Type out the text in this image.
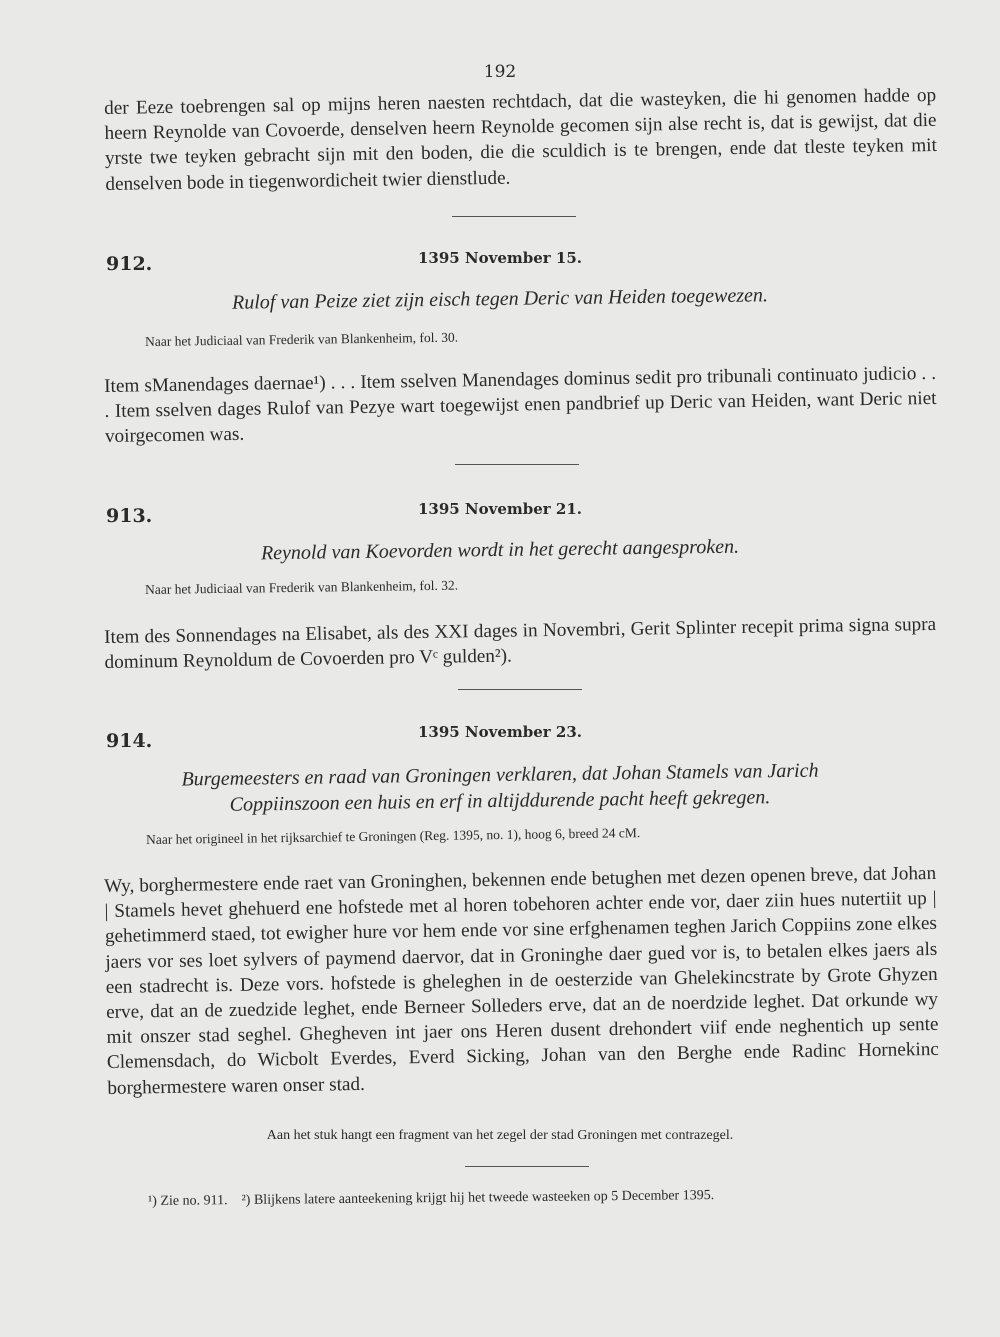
192
der Eeze toebrengen sal op mijns heren naesten rechtdach, dat die wasteyken, die hi genomen hadde op heern Reynolde van Covoerde, denselven heern Reynolde gecomen sijn alse recht is, dat is gewijst, dat die yrste twe teyken gebracht sijn mit den boden, die die sculdich is te brengen, ende dat tleste teyken mit denselven bode in tiegenwordicheit twier dienstlude.
912.	1395 November 15.
Rulof van Peize ziet zijn eisch tegen Deric van Heiden toegewezen.
Naar het Judiciaal van Frederik van Blankenheim, fol. 30.
Item sManendages daernae¹) . . . Item sselven Manendages dominus sedit pro tribunali continuato judicio . . . Item sselven dages Rulof van Pezye wart toegewijst enen pandbrief up Deric van Heiden, want Deric niet voirgecomen was.
913.	1395 November 21.
Reynold van Koevorden wordt in het gerecht aangesproken.
Naar het Judiciaal van Frederik van Blankenheim, fol. 32.
Item des Sonnendages na Elisabet, als des XXI dages in Novembri, Gerit Splinter recepit prima signa supra dominum Reynoldum de Covoerden pro Vᶜ gulden²).
914.	1395 November 23.
Burgemeesters en raad van Groningen verklaren, dat Johan Stamels van Jarich
Coppiinszoon een huis en erf in altijddurende pacht heeft gekregen.
Naar het origineel in het rijksarchief te Groningen (Reg. 1395, no. 1), hoog 6, breed 24 cM.
Wy, borghermestere ende raet van Groninghen, bekennen ende betughen met dezen openen breve, dat Johan | Stamels hevet ghehuerd ene hofstede met al horen tobehoren achter ende vor, daer ziin hues nutertiit up | gehetimmerd staed, tot ewigher hure vor hem ende vor sine erfghenamen teghen Jarich Coppiins zone elkes jaers vor ses loet sylvers of paymend daervor, dat in Groninghe daer gued vor is, to betalen elkes jaers als een stadrecht is. Deze vors. hofstede is gheleghen in de oesterzide van Ghelekincstrate by Grote Ghyzen erve, dat an de zuedzide leghet, ende Berneer Solleders erve, dat an de noerdzide leghet. Dat orkunde wy mit onszer stad seghel. Ghegheven int jaer ons Heren dusent drehondert viif ende neghentich up sente Clemensdach, do Wicbolt Everdes, Everd Sicking, Johan van den Berghe ende Radinc Hornekinc borghermestere waren onser stad.
Aan het stuk hangt een fragment van het zegel der stad Groningen met contrazegel.
¹) Zie no. 911. ²) Blijkens latere aanteekening krijgt hij het tweede wasteeken op 5 December 1395.
